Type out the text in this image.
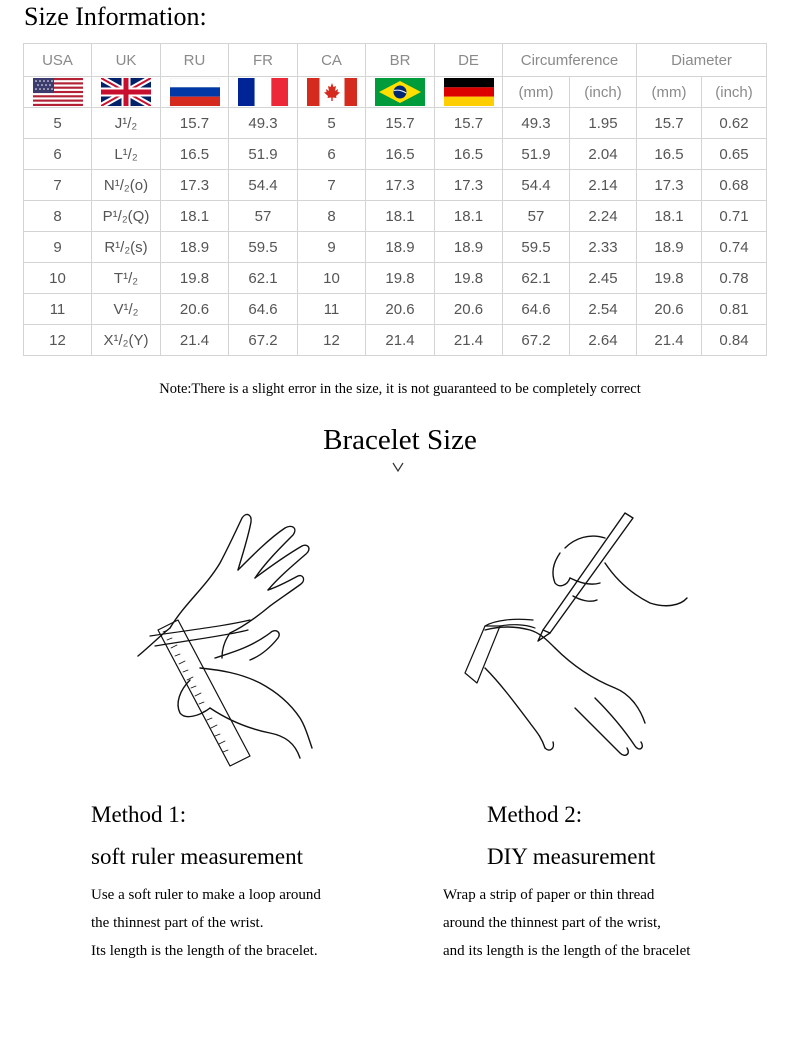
Size Information:
USA	UK	RU	FR	CA	BR	DE	Circumference		Diameter	
							(mm)	(inch)	(mm)	(inch)
5	J¹/₂	15.7	49.3	5	15.7	15.7	49.3	1.95	15.7	0.62
6	L¹/₂	16.5	51.9	6	16.5	16.5	51.9	2.04	16.5	0.65
7	N¹/₂(o)	17.3	54.4	7	17.3	17.3	54.4	2.14	17.3	0.68
8	P¹/₂(Q)	18.1	57	8	18.1	18.1	57	2.24	18.1	0.71
9	R¹/₂(s)	18.9	59.5	9	18.9	18.9	59.5	2.33	18.9	0.74
10	T¹/₂	19.8	62.1	10	19.8	19.8	62.1	2.45	19.8	0.78
11	V¹/₂	20.6	64.6	11	20.6	20.6	64.6	2.54	20.6	0.81
12	X¹/₂(Y)	21.4	67.2	12	21.4	21.4	67.2	2.64	21.4	0.84
Note:There is a slight error in the size, it is not guaranteed to be completely correct
Bracelet Size
Method 1:
soft ruler measurement
Use a soft ruler to make a loop around
the thinnest part of the wrist.
Its length is the length of the bracelet.
Method 2:
DIY measurement
Wrap a strip of paper or thin thread
around the thinnest part of the wrist,
and its length is the length of the bracelet
